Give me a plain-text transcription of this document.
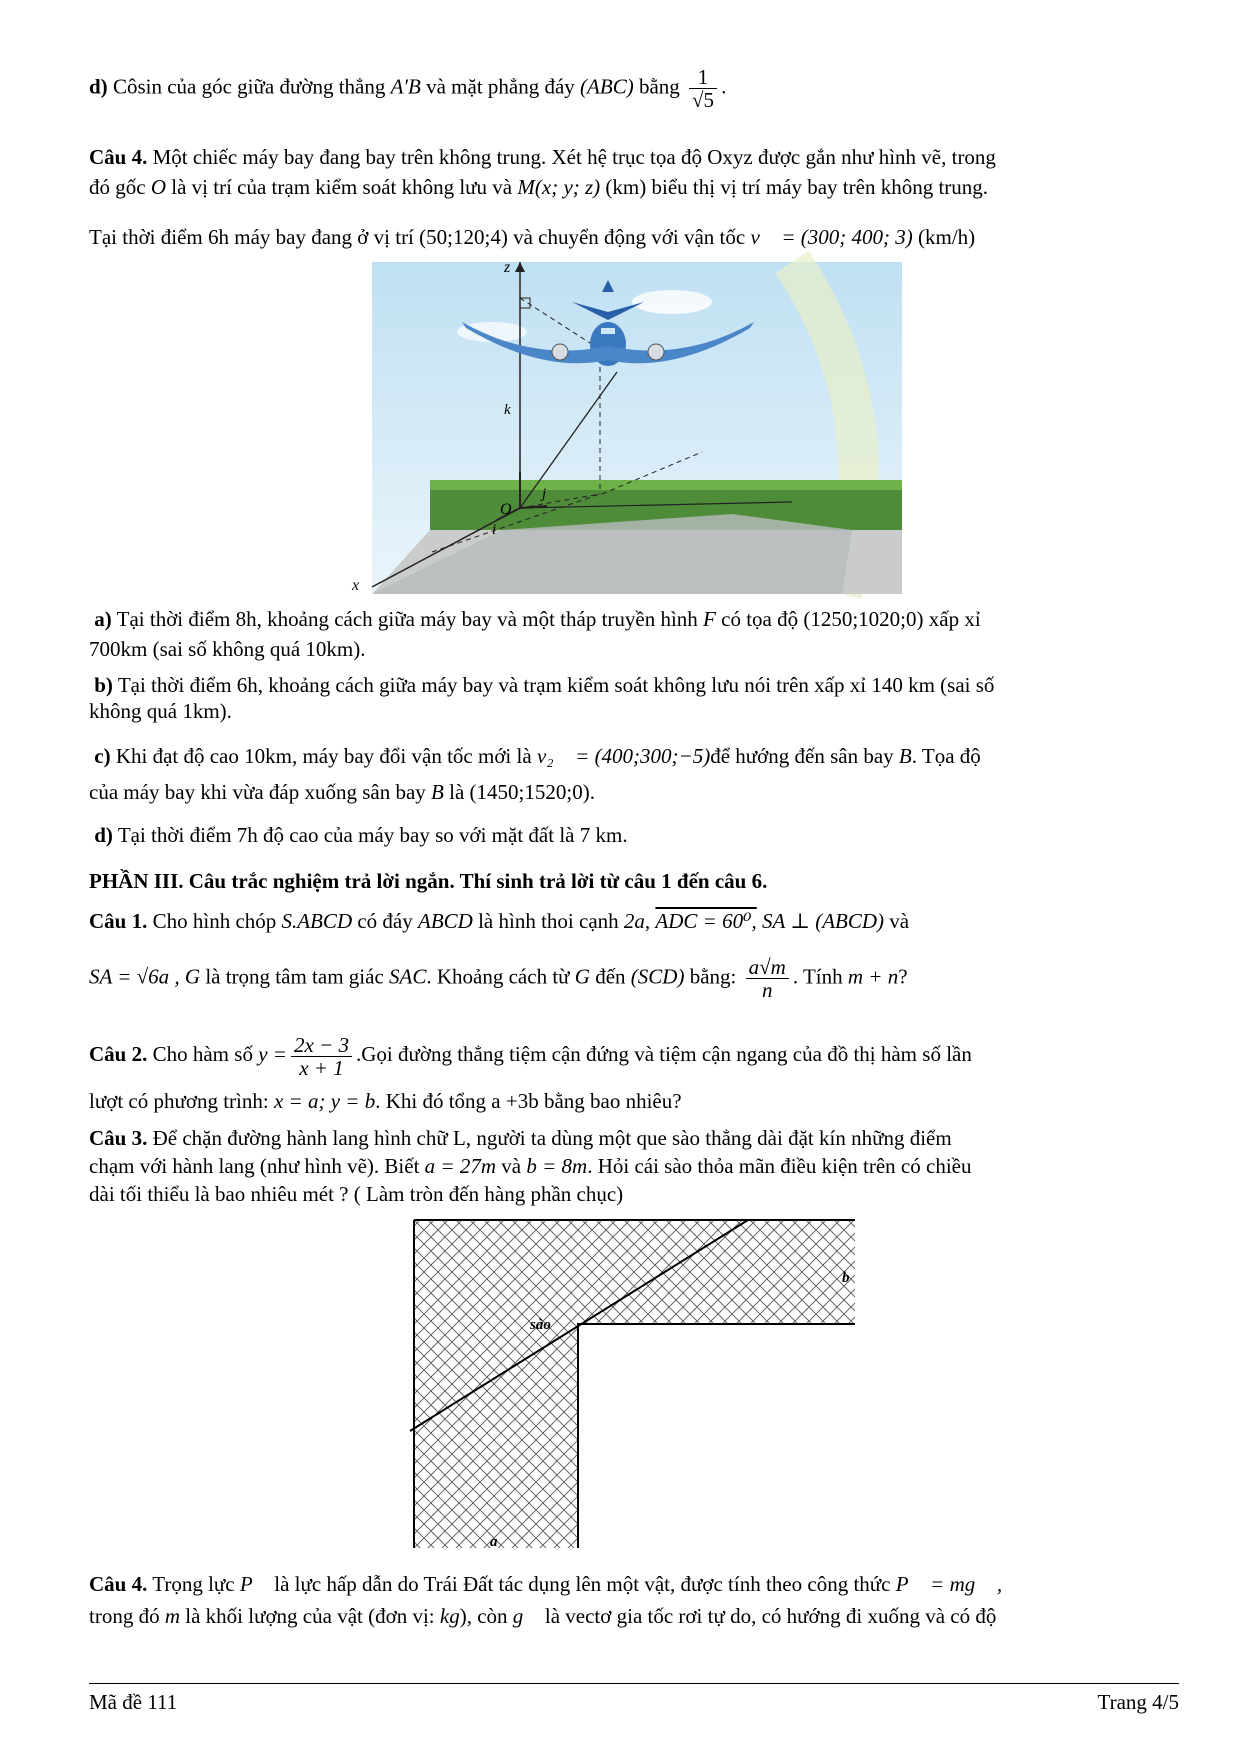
d) Côsin của góc giữa đường thẳng A′B và mặt phẳng đáy (ABC) bằng $\frac{1}{√5}$ .
Câu 4. Một chiếc máy bay đang bay trên không trung. Xét hệ trục tọa độ Oxyz được gắn như hình vẽ, trong
đó gốc O là vị trí của trạm kiểm soát không lưu và M(x; y; z) (km) biểu thị vị trí máy bay trên không trung.
Tại thời điểm 6h máy bay đang ở vị trí (50;120;4) và chuyển động với vận tốc v⃗ = (300; 400; 3) (km/h)
z
x
k⃗
O
i⃗
j
a) Tại thời điểm 8h, khoảng cách giữa máy bay và một tháp truyền hình F có tọa độ (1250;1020;0) xấp xỉ
700km (sai số không quá 10km).
b) Tại thời điểm 6h, khoảng cách giữa máy bay và trạm kiểm soát không lưu nói trên xấp xỉ 140 km (sai số
không quá 1km).
c) Khi đạt độ cao 10km, máy bay đổi vận tốc mới là v₂⃗ = (400;300;−5)để hướng đến sân bay B. Tọa độ
của máy bay khi vừa đáp xuống sân bay B là (1450;1520;0).
d) Tại thời điểm 7h độ cao của máy bay so với mặt đất là 7 km.
PHẦN III. Câu trắc nghiệm trả lời ngắn. Thí sinh trả lời từ câu 1 đến câu 6.
Câu 1. Cho hình chóp S.ABCD có đáy ABCD là hình thoi cạnh 2a, ADC = 60⁰, SA ⊥ (ABCD) và
SA = √6a , G là trọng tâm tam giác SAC. Khoảng cách từ G đến (SCD) bằng: $\frac{a√m}{n}$ . Tính m + n?
Câu 2. Cho hàm số $y = \frac{2x - 3}{x + 1}$ .Gọi đường thẳng tiệm cận đứng và tiệm cận ngang của đồ thị hàm số lần
lượt có phương trình: x = a; y = b. Khi đó tổng a +3b bằng bao nhiêu?
Câu 3. Để chặn đường hành lang hình chữ L, người ta dùng một que sào thẳng dài đặt kín những điểm
chạm với hành lang (như hình vẽ). Biết a = 27m và b = 8m. Hỏi cái sào thỏa mãn điều kiện trên có chiều
dài tối thiểu là bao nhiêu mét ? ( Làm tròn đến hàng phần chục)
b
sào
a
Câu 4. Trọng lực P⃗ là lực hấp dẫn do Trái Đất tác dụng lên một vật, được tính theo công thức P⃗ = mg⃗ ,
trong đó m là khối lượng của vật (đơn vị: kg), còn g⃗ là vectơ gia tốc rơi tự do, có hướng đi xuống và có độ
Mã đề 111	Trang 4/5
